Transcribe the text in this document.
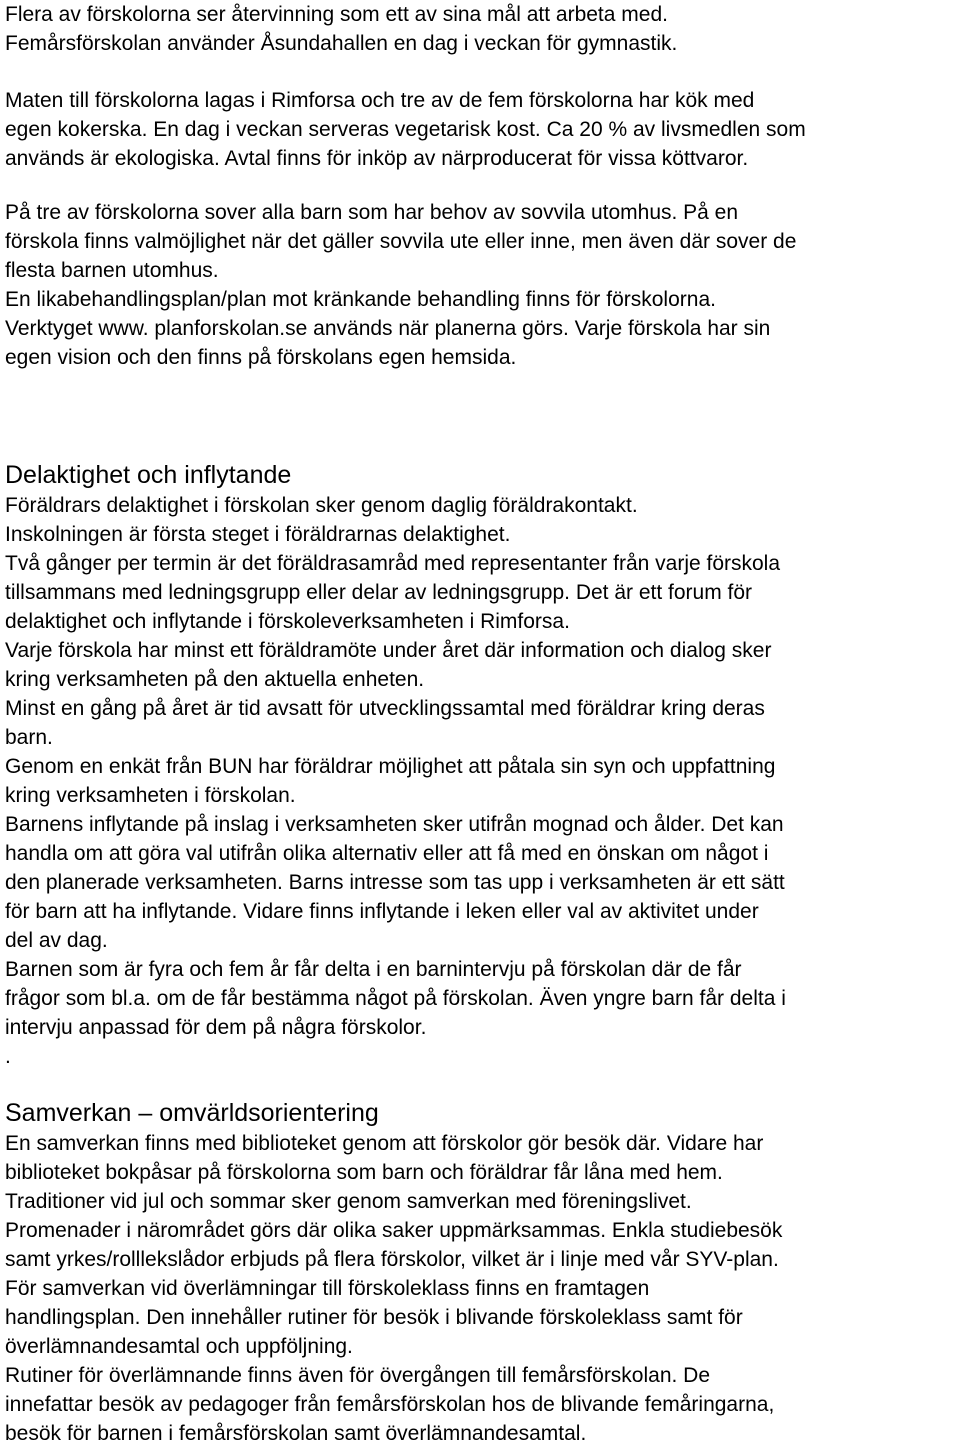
Flera av förskolorna ser återvinning som ett av sina mål att arbeta med.
Femårsförskolan använder Åsundahallen en dag i veckan för gymnastik.
Maten till förskolorna lagas i Rimforsa och tre av de fem förskolorna har kök med
egen kokerska. En dag i veckan serveras vegetarisk kost. Ca 20 % av livsmedlen som
används är ekologiska. Avtal finns för inköp av närproducerat för vissa köttvaror.
På tre av förskolorna sover alla barn som har behov av sovvila utomhus. På en
förskola finns valmöjlighet när det gäller sovvila ute eller inne, men även där sover de
flesta barnen utomhus.
En likabehandlingsplan/plan mot kränkande behandling finns för förskolorna.
Verktyget www. planforskolan.se används när planerna görs. Varje förskola har sin
egen vision och den finns på förskolans egen hemsida.
Delaktighet och inflytande
Föräldrars delaktighet i förskolan sker genom daglig föräldrakontakt.
Inskolningen är första steget i föräldrarnas delaktighet.
Två gånger per termin är det föräldrasamråd med representanter från varje förskola
tillsammans med ledningsgrupp eller delar av ledningsgrupp. Det är ett forum för
delaktighet och inflytande i förskoleverksamheten i Rimforsa.
Varje förskola har minst ett föräldramöte under året där information och dialog sker
kring verksamheten på den aktuella enheten.
Minst en gång på året är tid avsatt för utvecklingssamtal med föräldrar kring deras
barn.
Genom en enkät från BUN har föräldrar möjlighet att påtala sin syn och uppfattning
kring verksamheten i förskolan.
Barnens inflytande på inslag i verksamheten sker utifrån mognad och ålder. Det kan
handla om att göra val utifrån olika alternativ eller att få med en önskan om något i
den planerade verksamheten. Barns intresse som tas upp i verksamheten är ett sätt
för barn att ha inflytande. Vidare finns inflytande i leken eller val av aktivitet under
del av dag.
Barnen som är fyra och fem år får delta i en barnintervju på förskolan där de får
frågor som bl.a. om de får bestämma något på förskolan. Även yngre barn får delta i
intervju anpassad för dem på några förskolor.
.
Samverkan – omvärldsorientering
En samverkan finns med biblioteket genom att förskolor gör besök där. Vidare har
biblioteket bokpåsar på förskolorna som barn och föräldrar får låna med hem.
Traditioner vid jul och sommar sker genom samverkan med föreningslivet.
Promenader i närområdet görs där olika saker uppmärksammas. Enkla studiebesök
samt yrkes/rolllekslådor erbjuds på flera förskolor, vilket är i linje med vår SYV-plan.
För samverkan vid överlämningar till förskoleklass finns en framtagen
handlingsplan. Den innehåller rutiner för besök i blivande förskoleklass samt för
överlämnandesamtal och uppföljning.
Rutiner för överlämnande finns även för övergången till femårsförskolan. De
innefattar besök av pedagoger från femårsförskolan hos de blivande femåringarna,
besök för barnen i femårsförskolan samt överlämnandesamtal.
